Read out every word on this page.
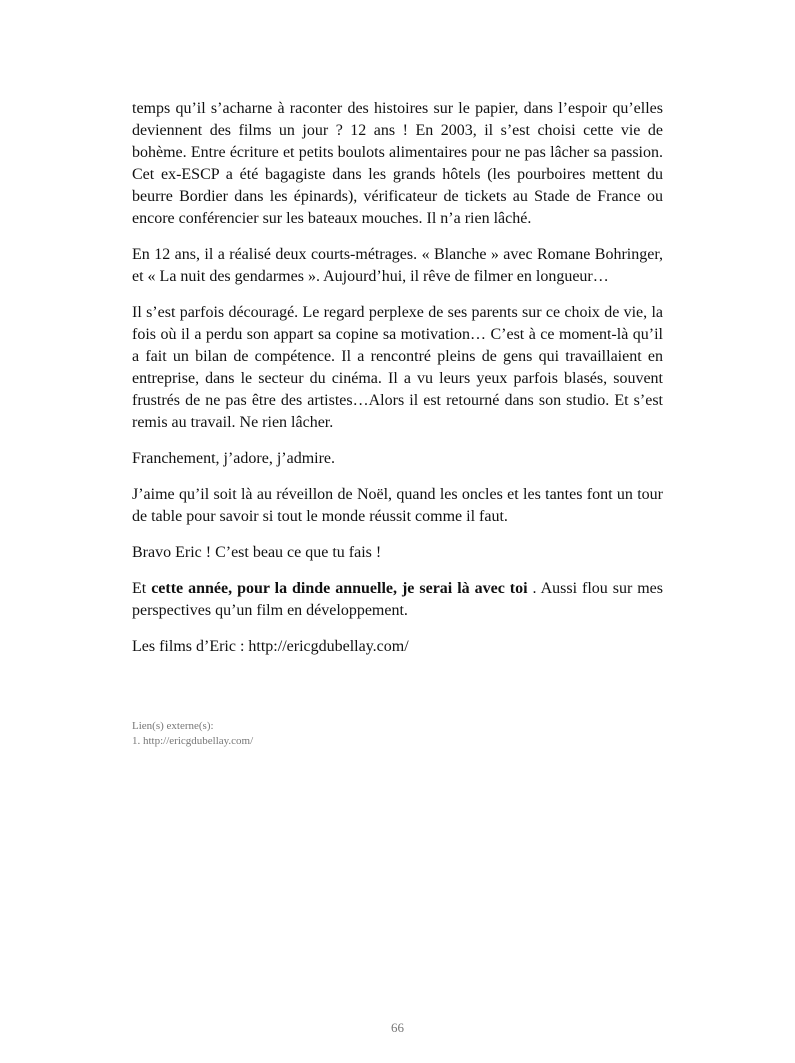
temps qu’il s’acharne à raconter des histoires sur le papier, dans l’espoir qu’elles deviennent des films un jour ? 12 ans ! En 2003, il s’est choisi cette vie de bohème. Entre écriture et petits boulots alimentaires pour ne pas lâcher sa passion. Cet ex-ESCP a été bagagiste dans les grands hôtels (les pourboires mettent du beurre Bordier dans les épinards), vérificateur de tickets au Stade de France ou encore conférencier sur les bateaux mouches. Il n’a rien lâché.

En 12 ans, il a réalisé deux courts-métrages. « Blanche » avec Romane Bohringer, et « La nuit des gendarmes ». Aujourd’hui, il rêve de filmer en longueur…

Il s’est parfois découragé. Le regard perplexe de ses parents sur ce choix de vie, la fois où il a perdu son appart sa copine sa motivation… C’est à ce moment-là qu’il a fait un bilan de compétence. Il a rencontré pleins de gens qui travaillaient en entreprise, dans le secteur du cinéma. Il a vu leurs yeux parfois blasés, souvent frustrés de ne pas être des artistes…Alors il est retourné dans son studio. Et s’est remis au travail. Ne rien lâcher.

Franchement, j’adore, j’admire.

J’aime qu’il soit là au réveillon de Noël, quand les oncles et les tantes font un tour de table pour savoir si tout le monde réussit comme il faut.

Bravo Eric ! C’est beau ce que tu fais !

Et cette année, pour la dinde annuelle, je serai là avec toi . Aussi flou sur mes perspectives qu’un film en développement.

Les films d’Eric : http://ericgdubellay.com/

Lien(s) externe(s):
1. http://ericgdubellay.com/
66
